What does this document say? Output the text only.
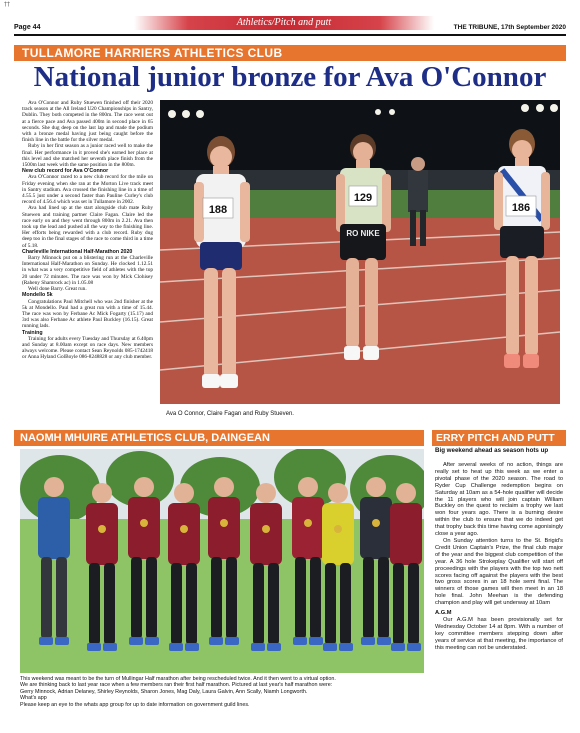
††
Page 44	Athletics/Pitch and putt	THE TRIBUNE, 17th September 2020
TULLAMORE HARRIERS ATHLETICS CLUB
National junior bronze for Ava O'Connor

Ava O'Connor and Ruby Stuewen finished off their 2020 track season at the All Ireland U20 Championships in Santry, Dublin. They both competed in the 800m. The race went out at a fierce pace and Ava passed 400m in second place in 65 seconds. She dug deep on the last lap and made the podium with a bronze medal having just being caught before the finish line in the battle for the silver medal.

Ruby in her first season as a junior raced well to make the final. Her performance in it proved she's earned her place at this level and she matched her seventh place finish from the 1500m last week with the same position in the 800m.

New club record for Ava O'Connor

Ava O'Connor raced to a new club record for the mile on Friday evening when she ran at the Morton Live track meet in Santry stadium. Ava crossed the finishing line in a time of 4.55.5 just under a second faster than Pauline Curley's club record of 4.56.4 which was set in Tullamore in 2002.

Ava had lined up at the start alongside club mate Ruby Stuewen and training partner Claire Fagan. Claire led the race early on and they went through 800m in 2.21. Ava then took up the lead and pushed all the way to the finishing line. Her efforts being rewarded with a club record. Ruby dug deep too in the final stages of the race to come third in a time of 5.18.

Charleville International Half-Marathon 2020

Barry Minnock put on a blistering run at the Charleville International Half-Marathon on Sunday. He clocked 1.12.51 in what was a very competitive field of athletes with the top 20 under 72 minutes. The race was won by Mick Clohisey (Raheny Shamrock ac) in 1.05.08

Well done Barry. Great run.

Mondello 5k

Congratulations Paul Mitchell who was 2nd finisher at the 5k at Mondello. Paul had a great run with a time of 15.44. The race was won by Ferbane Ac Mick Fogarty (15.17) and 3rd was also Ferbane Ac athlete Paul Buckley (16.15). Great running lads.

Training

Training for adults every Tuesday and Thursday at 6.40pm and Sunday at 8.00am except on race days. New members always welcome. Please contact Sean Reynolds 085-1742418 or Anna Hyland GolBoyle 086-8248828 or any club member.

188
129
RO NIKE
186
Ava O Connor, Claire Fagan and Ruby Stueven.
NAOMH MHUIRE ATHLETICS CLUB, DAINGEAN
This weekend was meant to be the turn of Mullingar Half marathon after being rescheduled twice. And it then went to a virtual option.
We are thinking back to last year race when a few members ran their first half marathon. Pictured at last year's half marathon were:
Gerry Minnock, Adrian Delaney, Shirley Reynolds, Sharon Jones, Mag Daly, Laura Galvin, Ann Scally, Niamh Longworth.
What's app
Please keep an eye to the whats app group for up to date information on government guild lines.
ERRY PITCH AND PUTT
Big weekend ahead as season hots up

After several weeks of no action, things are really set to heat up this week as we enter a pivotal phase of the 2020 season. The road to Ryder Cup Challenge redemption begins on Saturday at 10am as a 54-hole qualifier will decide the 11 players who will join captain William Buckley on the quest to reclaim a trophy we last won four years ago. There is a burning desire within the club to ensure that we do indeed get that trophy back this time having come agonisingly close a year ago.

On Sunday attention turns to the St. Brigid's Credit Union Captain's Prize, the final club major of the year and the biggest club competition of the year. A 36 hole Strokeplay Qualifier will start off proceedings with the players with the top two nett scores facing off against the players with the best two gross scores in an 18 hole semi final. The winners of those games will then meet in an 18 hole final. John Meehan is the defending champion and play will get underway at 10am

A.G.M

Our A.G.M has been provisionally set for Wednesday October 14 at 8pm. With a number of key committee members stepping down after years of service at that meeting, the importance of this meeting can not be understated.
